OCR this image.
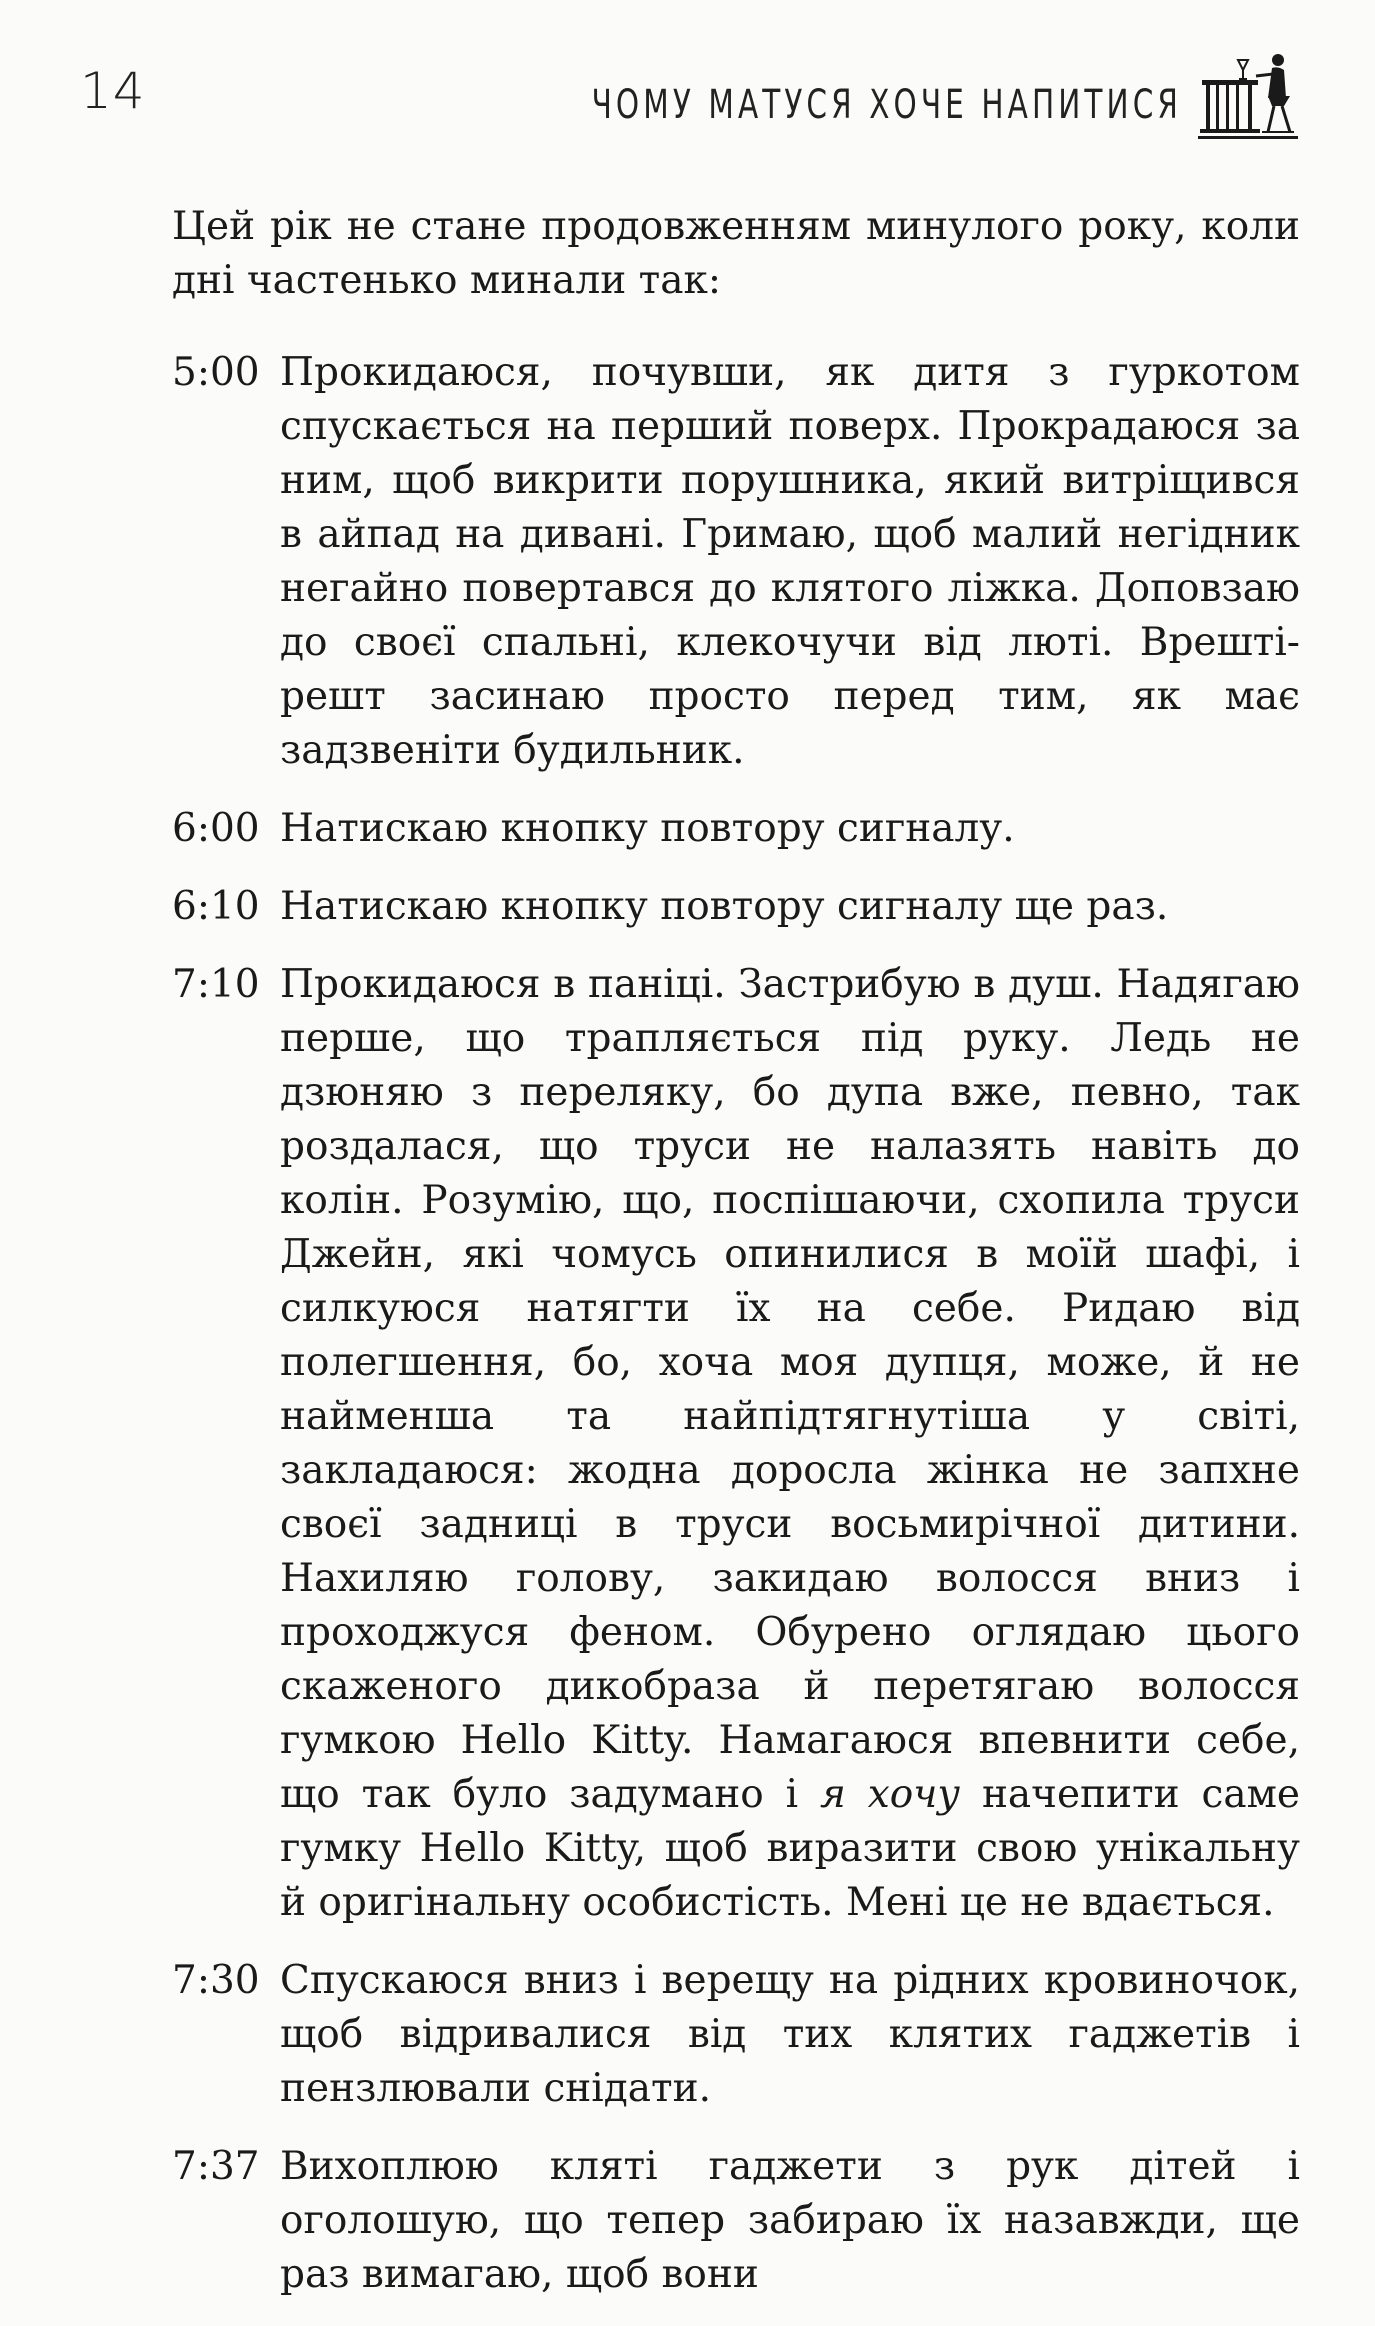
14	ЧОМУ МАТУСЯ ХОЧЕ НАПИТИСЯ

Цей рік не стане продовженням минулого року, коли дні частенько минали так:

5:00 Прокидаюся, почувши, як дитя з гуркотом спускається на перший поверх. Прокрадаюся за ним, щоб викрити порушника, який витріщився в айпад на дивані. Гримаю, щоб малий негідник негайно повертався до клятого ліжка. Доповзаю до своєї спальні, клекочучи від люті. Врешті-решт засинаю просто перед тим, як має задзвеніти будильник.
6:00 Натискаю кнопку повтору сигналу.
6:10 Натискаю кнопку повтору сигналу ще раз.
7:10 Прокидаюся в паніці. Застрибую в душ. Надягаю перше, що трапляється під руку. Ледь не дзюняю з переляку, бо дупа вже, певно, так роздалася, що труси не налазять навіть до колін. Розумію, що, поспішаючи, схопила труси Джейн, які чомусь опинилися в моїй шафі, і силкуюся натягти їх на себе. Ридаю від полегшення, бо, хоча моя дупця, може, й не найменша та найпідтягнутіша у світі, закладаюся: жодна доросла жінка не запхне своєї задниці в труси восьмирічної дитини. Нахиляю голову, закидаю волосся вниз і проходжуся феном. Обурено оглядаю цього скаженого дикобраза й перетягаю волосся гумкою Hello Kitty. Намагаюся впевнити себе, що так було задумано і я хочу начепити саме гумку Hello Kitty, щоб виразити свою унікальну й оригінальну особистість. Мені це не вдається.
7:30 Спускаюся вниз і верещу на рідних кровиночок, щоб відривалися від тих клятих гаджетів і пензлювали снідати.
7:37 Вихоплюю кляті гаджети з рук дітей і оголошую, що тепер забираю їх назавжди, ще раз вимагаю, щоб вони
